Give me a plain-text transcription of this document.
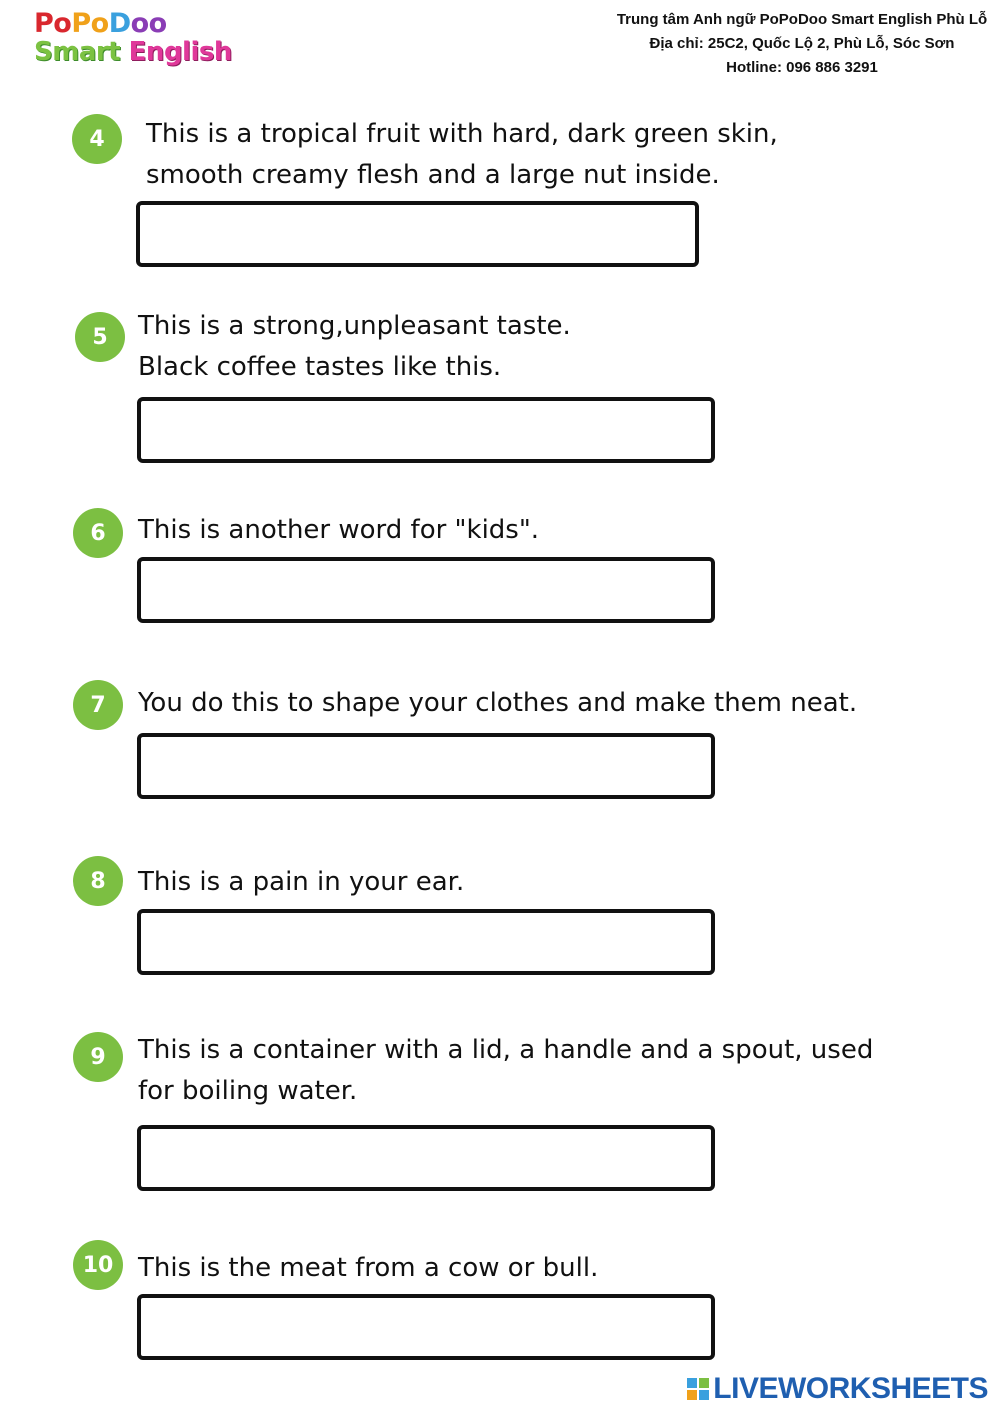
PoPoDoo
Smart English
Trung tâm Anh ngữ PoPoDoo Smart English Phù Lỗ
Địa chỉ: 25C2, Quốc Lộ 2, Phù Lỗ, Sóc Sơn
Hotline: 096 886 3291
4	This is a tropical fruit with hard, dark green skin,
smooth creamy flesh and a large nut inside.
5	This is a strong,unpleasant taste.
Black coffee tastes like this.
6	This is another word for "kids".
7	You do this to shape your clothes and make them neat.
8	This is a pain in your ear.
9	This is a container with a lid, a handle and a spout, used
for boiling water.
10 This is the meat from a cow or bull.
LIVEWORKSHEETS
